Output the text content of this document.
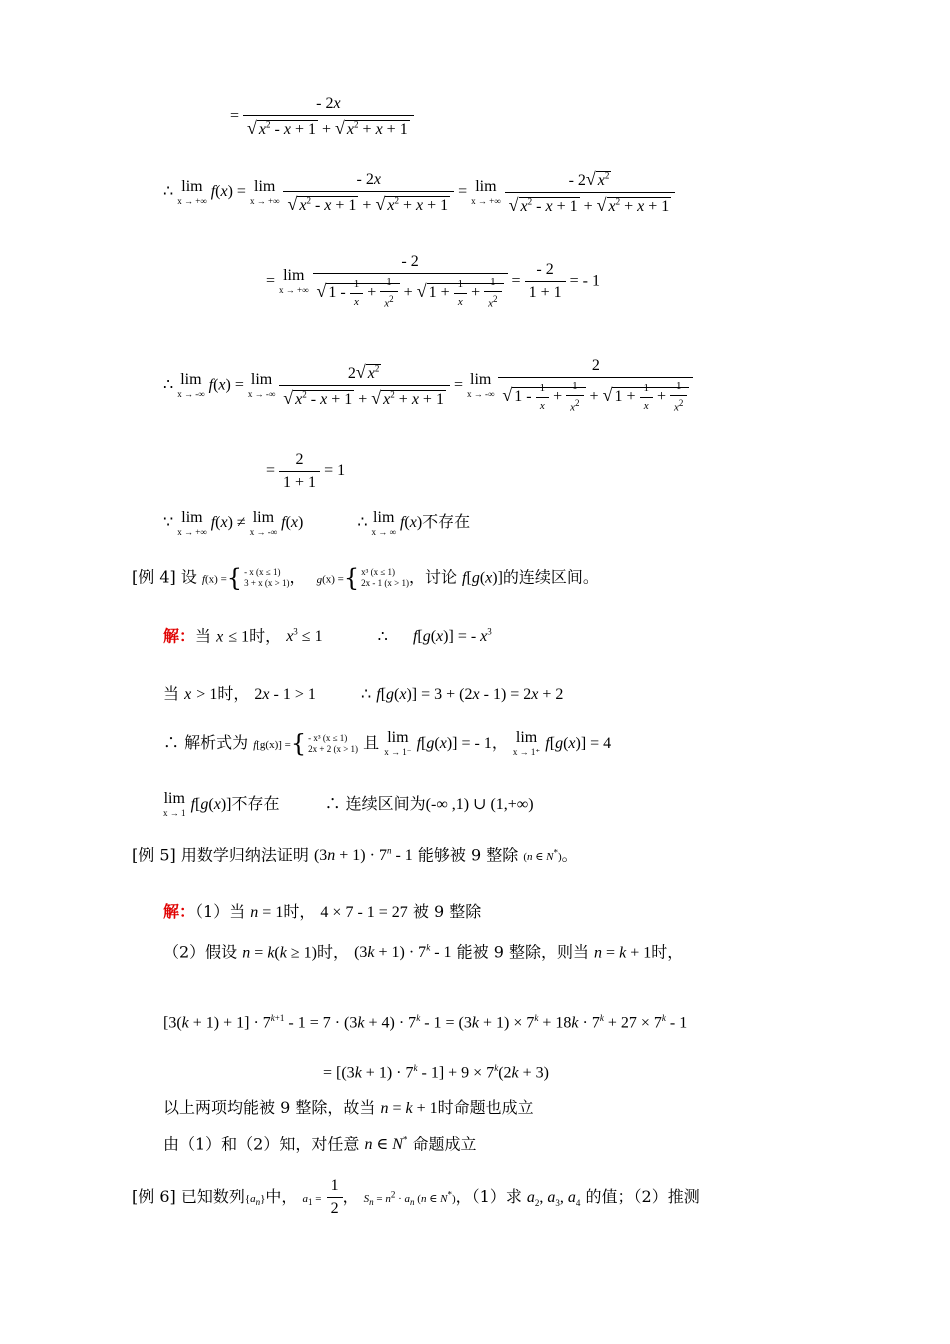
= $\frac{- 2x}{√ x^2 - x + 1 + √ x^2 + x + 1}$
∴ lim
x → +∞
f(x) = lim
x → +∞
$\frac{- 2x}{√ x^2 - x + 1 + √ x^2 + x + 1} = \lim$
x → +∞
$\frac{- 2√ x^2}{√ x^2 - x + 1 + √ x^2 + x + 1}$
= lim
x → +∞
$\frac{- 2}{√ 1 - \frac{1}{x} + \frac{1}{x^2} + √ 1 + \frac{1}{x} + \frac{1}{x^2}} = \frac{- 2}{1 + 1}$ = - 1
∴ lim
x → -∞
f(x) = lim
x → -∞
$\frac{2√ x^2}{√ x^2 - x + 1 + √ x^2 + x + 1} = \lim$
x → -∞
$\frac{2}{√ 1 - \frac{1}{x} + \frac{1}{x^2} + √ 1 + \frac{1}{x} + \frac{1}{x^2}}$
= $\frac{2}{1 + 1} = 1$
∵ lim
x → +∞
f(x) ≠ lim
x → -∞
f(x)	∴ lim
x → ∞
f(x)不存在
[例 4] 设 f(x) ={ - x (x ≤ 1)
3 + x (x > 1) ， g(x) ={ x³ (x ≤ 1)
2x - 1 (x > 1) ，讨论 f[g(x)]的连续区间。
解：当 x ≤ 1时， $x^3 \le 1$	∴ f[g(x)] = - $x^3$
当 x > 1时， 2x - 1 > 1	∴ f[g(x)] = 3 + (2x - 1) = 2x + 2
∴ 解析式为 f[g(x)] ={ - x³ (x ≤ 1)
2x + 2 (x > 1) 且 lim
x → 1⁻ f[g(x)] = - 1， lim
x → 1⁺ f[g(x)] = 4
lim
x → 1 f[g(x)]不存在	∴ 连续区间为(-∞ ,1) ∪ (1,+∞)
[例 5] 用数学归纳法证明 $(3n + 1) \cdot 7^n - 1$ 能够被 9 整除 (n ∈ N*)。
解：（1）当 n = 1时， 4 × 7 - 1 = 27 被 9 整除
（2）假设 n = k(k ≥ 1)时， $(3k + 1) \cdot 7^k - 1$ 能被 9 整除，则当 n = k + 1时，
$[3(k + 1) + 1] \cdot 7^{k+1} - 1 = 7 \cdot (3k + 4) \cdot 7^k - 1 = (3k + 1) \times 7^k + 18k \cdot 7^k + 27 \times 7^k - 1$
= $[(3k + 1) \cdot 7^k - 1] + 9 \times 7^k(2k + 3)$
以上两项均能被 9 整除，故当 n = k + 1时命题也成立
由（1）和（2）知，对任意 n ∈ N* 命题成立
[例 6] 已知数列$\{a_n\}$中， $a_1 = \frac{1}{2}$ ， $S_n = n^2 \cdot a_n$ (n ∈ N*)，（1）求 $a_2$, $a_3$, $a_4$ 的值；（2）推测
